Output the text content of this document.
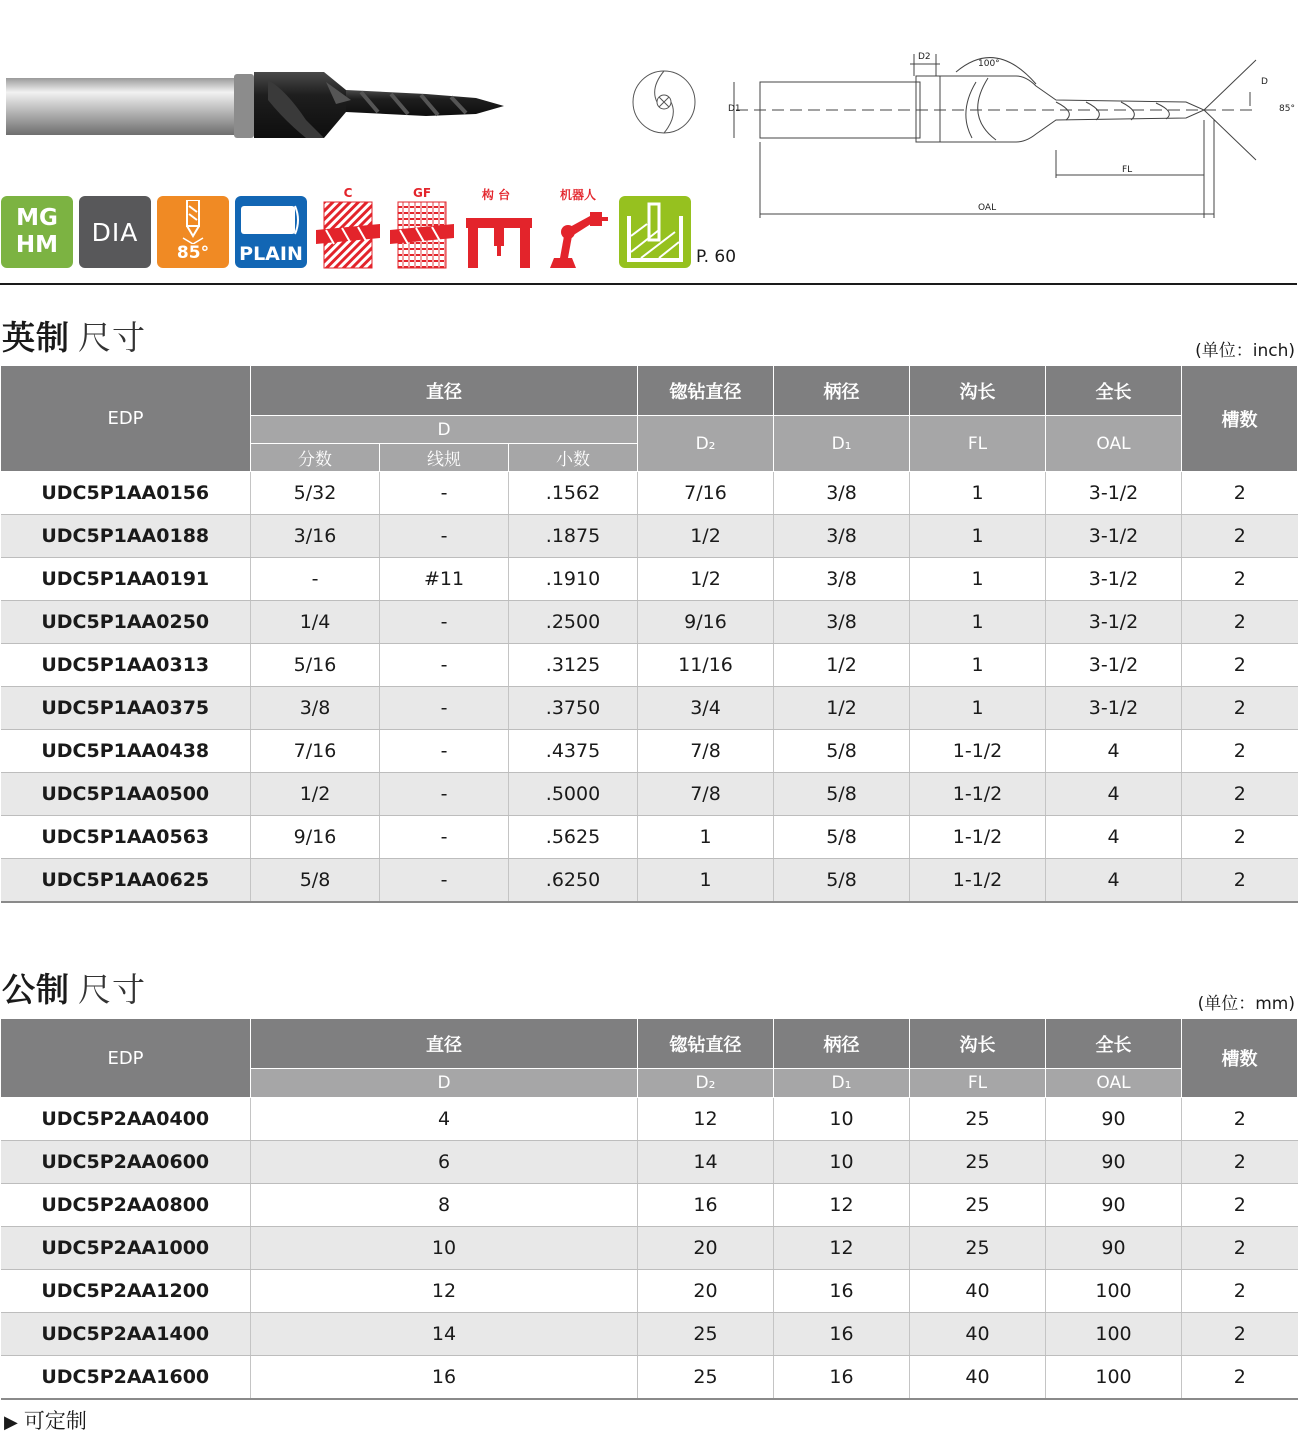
D2
D1
100°
D
85°
FL
OAL
MG
HM DIA
85°	PLAIN
C	GF	构 台	机器人
P. 60
英制 尺寸	(单位：inch)
EDP	直径			锪钻直径	柄径	沟长	全长	槽数
	D			D₂	D₁	FL	OAL	
	分数	线规	小数					
UDC5P1AA0156	5/32	-	.1562	7/16	3/8	1	3-1/2	2
UDC5P1AA0188	3/16	-	.1875	1/2	3/8	1	3-1/2	2
UDC5P1AA0191	-	#11	.1910	1/2	3/8	1	3-1/2	2
UDC5P1AA0250	1/4	-	.2500	9/16	3/8	1	3-1/2	2
UDC5P1AA0313	5/16	-	.3125	11/16	1/2	1	3-1/2	2
UDC5P1AA0375	3/8	-	.3750	3/4	1/2	1	3-1/2	2
UDC5P1AA0438	7/16	-	.4375	7/8	5/8	1-1/2	4	2
UDC5P1AA0500	1/2	-	.5000	7/8	5/8	1-1/2	4	2
UDC5P1AA0563	9/16	-	.5625	1	5/8	1-1/2	4	2
UDC5P1AA0625	5/8	-	.6250	1	5/8	1-1/2	4	2
公制 尺寸	(单位：mm)
EDP	直径	锪钻直径	柄径	沟长	全长	槽数
	D	D₂	D₁	FL	OAL	
UDC5P2AA0400	4	12	10	25	90	2
UDC5P2AA0600	6	14	10	25	90	2
UDC5P2AA0800	8	16	12	25	90	2
UDC5P2AA1000	10	20	12	25	90	2
UDC5P2AA1200	12	20	16	40	100	2
UDC5P2AA1400	14	25	16	40	100	2
UDC5P2AA1600	16	25	16	40	100	2
▶ 可定制
